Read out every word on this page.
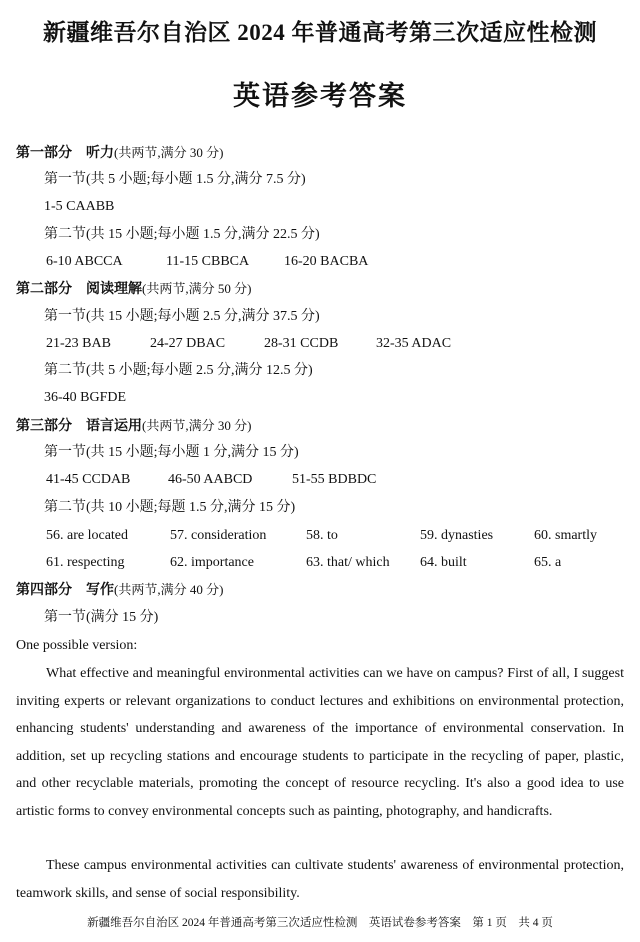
新疆维吾尔自治区 2024 年普通高考第三次适应性检测
英语参考答案
第一部分　听力(共两节,满分 30 分)
第一节(共 5 小题;每小题 1.5 分,满分 7.5 分)
1-5 CAABB
第二节(共 15 小题;每小题 1.5 分,满分 22.5 分)
6-10 ABCCA	11-15 CBBCA 16-20 BACBA
第二部分　阅读理解(共两节,满分 50 分)
第一节(共 15 小题;每小题 2.5 分,满分 37.5 分)
21-23 BAB	24-27 DBAC	28-31 CCDB	32-35 ADAC
第二节(共 5 小题;每小题 2.5 分,满分 12.5 分)
36-40 BGFDE
第三部分　语言运用(共两节,满分 30 分)
第一节(共 15 小题;每小题 1 分,满分 15 分)
41-45 CCDAB	46-50 AABCD	51-55 BDBDC
第二节(共 10 小题;每题 1.5 分,满分 15 分)
56. are located	57. consideration	58. to	59. dynasties	60. smartly
61. respecting	62. importance	63. that/ which 64. built	65. a
第四部分　写作(共两节,满分 40 分)
第一节(满分 15 分)
One possible version:
What effective and meaningful environmental activities can we have on campus? First of all, I suggest inviting experts or relevant organizations to conduct lectures and exhibitions on environmental protection, enhancing students' understanding and awareness of the importance of environmental conservation. In addition, set up recycling stations and encourage students to participate in the recycling of paper, plastic, and other recyclable materials, promoting the concept of resource recycling. It's also a good idea to use artistic forms to convey environmental concepts such as painting, photography, and handicrafts.
These campus environmental activities can cultivate students' awareness of environmental protection, teamwork skills, and sense of social responsibility.
新疆维吾尔自治区 2024 年普通高考第三次适应性检测　英语试卷参考答案　第 1 页　共 4 页
